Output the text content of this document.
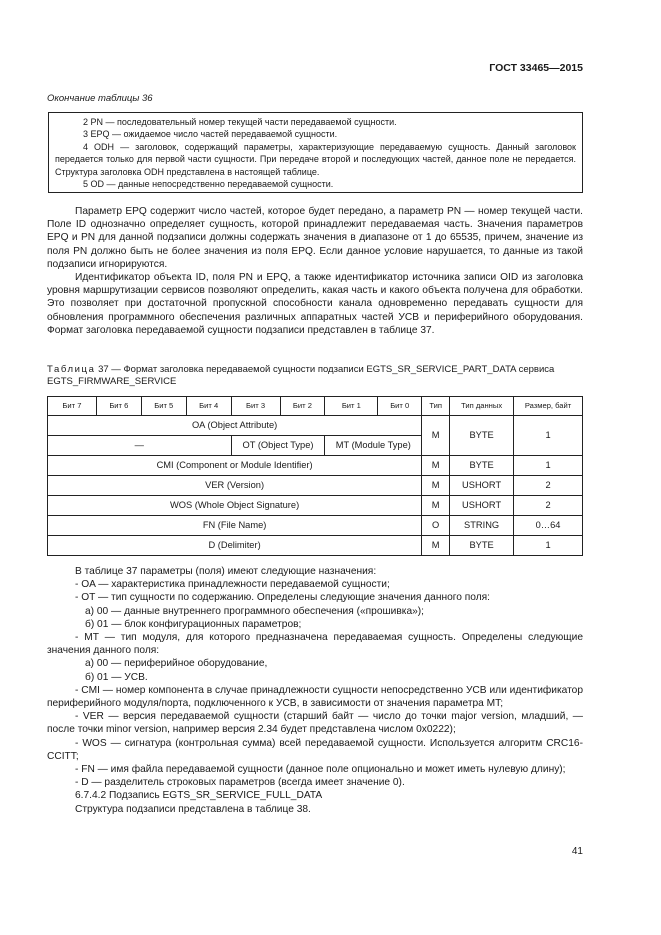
ГОСТ 33465—2015
Окончание таблицы 36
2 PN — последовательный номер текущей части передаваемой сущности.
3 EPQ — ожидаемое число частей передаваемой сущности.
4 ODH — заголовок, содержащий параметры, характеризующие передаваемую сущность. Данный заголовок передается только для первой части сущности. При передаче второй и последующих частей, данное поле не передается. Структура заголовка ODH представлена в настоящей таблице.
5 OD — данные непосредственно передаваемой сущности.

Параметр EPQ содержит число частей, которое будет передано, а параметр PN — номер текущей части. Поле ID однозначно определяет сущность, которой принадлежит передаваемая часть. Значения параметров EPQ и PN для данной подзаписи должны содержать значения в диапазоне от 1 до 65535, причем, значение из поля PN должно быть не более значения из поля EPQ. Если данное условие нарушается, то данные из такой подзаписи игнорируются.

Идентификатор объекта ID, поля PN и EPQ, а также идентификатор источника записи OID из заголовка уровня маршрутизации сервисов позволяют определить, какая часть и какого объекта получена для обработки. Это позволяет при достаточной пропускной способности канала одновременно передавать сущности для обновления программного обеспечения различных аппаратных частей УСВ и периферийного оборудования. Формат заголовка передаваемой сущности подзаписи представлен в таблице 37.

Таблица 37 — Формат заголовка передаваемой сущности подзаписи EGTS_SR_SERVICE_PART_DATA сервиса EGTS_FIRMWARE_SERVICE
Бит 7	Бит 6	Бит 5	Бит 4	Бит 3	Бит 2	Бит 1	Бит 0	Тип	Тип данных	Размер, байт
OA (Object Attribute)								M	BYTE	1
—				OT (Object Type)		MT (Module Type)				
CMI (Component or Module Identifier)								M	BYTE	1
VER (Version)								M	USHORT	2
WOS (Whole Object Signature)								M	USHORT	2
FN (File Name)								O	STRING	0…64
D (Delimiter)								M	BYTE	1
В таблице 37 параметры (поля) имеют следующие назначения:
- OA — характеристика принадлежности передаваемой сущности;
- OT — тип сущности по содержанию. Определены следующие значения данного поля:
а) 00 — данные внутреннего программного обеспечения («прошивка»);
б) 01 — блок конфигурационных параметров;
- MT — тип модуля, для которого предназначена передаваемая сущность. Определены следующие значения данного поля:
а) 00 — периферийное оборудование,
б) 01 — УСВ.
- CMI — номер компонента в случае принадлежности сущности непосредственно УСВ или идентификатор периферийного модуля/порта, подключенного к УСВ, в зависимости от значения параметра MT;
- VER — версия передаваемой сущности (старший байт — число до точки major version, младший, — после точки minor version, например версия 2.34 будет представлена числом 0x0222);
- WOS — сигнатура (контрольная сумма) всей передаваемой сущности. Используется алгоритм CRC16-CCITT;
- FN — имя файла передаваемой сущности (данное поле опционально и может иметь нулевую длину);
- D — разделитель строковых параметров (всегда имеет значение 0).
6.7.4.2 Подзапись EGTS_SR_SERVICE_FULL_DATA
Структура подзаписи представлена в таблице 38.
41
